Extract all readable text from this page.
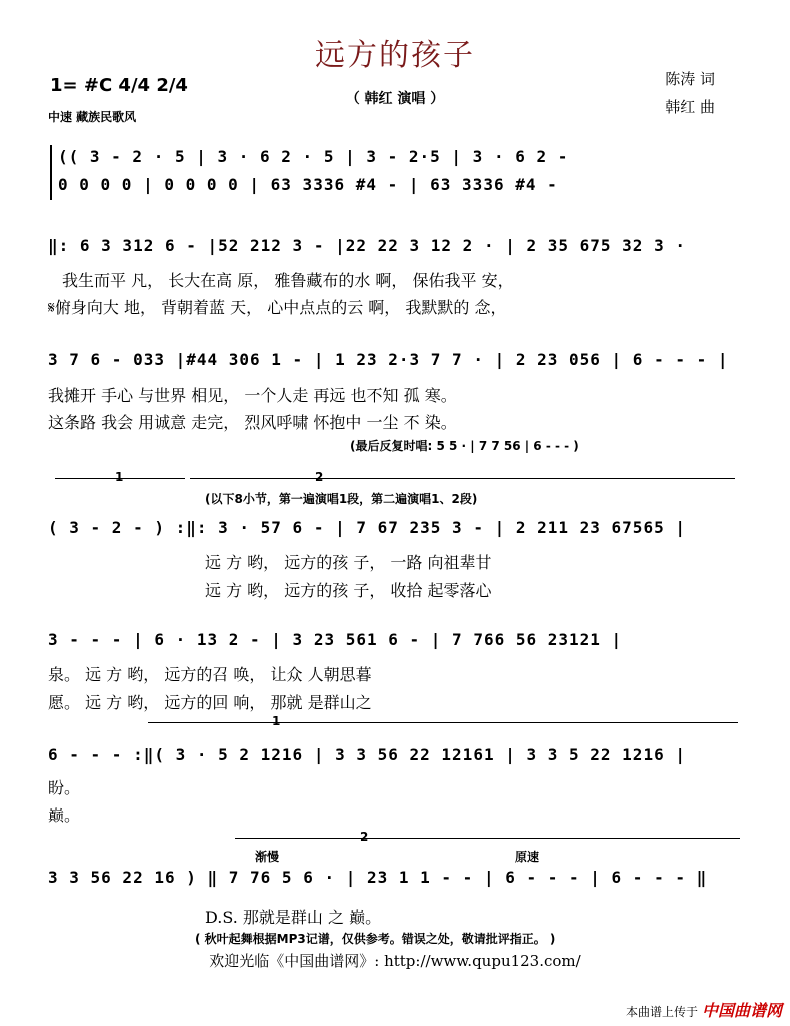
远方的孩子
（ 韩红 演唱 ）
1= #C 4/4 2/4
中速 藏族民歌风
陈涛 词
韩红 曲
(( 3 - 2 · 5 | 3 · 6 2 · 5 | 3 - 2·5 | 3 · 6 2 -
0 0 0 0 | 0 0 0 0 | 63 3336 #4 - | 63 3336 #4 -
‖: 6 3 312 6 - |52 212 3 - |22 22 3 12 2 · | 2 35 675 32 3 ·
我生而平 凡， 长大在高 原， 雅鲁藏布的水 啊， 保佑我平 安，
𝄋俯身向大 地， 背朝着蓝 天， 心中点点的云 啊， 我默默的 念，
3 7 6 - 033 |#44 306 1 - | 1 23 2·3 7 7 · | 2 23 056 | 6 - - - |
我摊开 手心 与世界 相见， 一个人走 再远 也不知 孤 寒。
这条路 我会 用诚意 走完， 烈风呼啸 怀抱中 一尘 不 染。
(最后反复时唱: 5 5 · | 7 7 56 | 6 - - - )
1	2
(以下8小节，第一遍演唱1段，第二遍演唱1、2段)
( 3 - 2 - ) :‖: 3 · 57 6 - | 7 67 235 3 - | 2 211 23 67565 |
远 方 哟， 远方的孩 子， 一路 向祖辈甘
远 方 哟， 远方的孩 子， 收拾 起零落心
3 - - - | 6 · 13 2 - | 3 23 561 6 - | 7 766 56 23121 |
泉。 远 方 哟， 远方的召 唤， 让众 人朝思暮
愿。 远 方 哟， 远方的回 响， 那就 是群山之
1
6 - - - :‖( 3 · 5 2 1216 | 3 3 56 22 12161 | 3 3 5 22 1216 |
盼。
巅。
2
渐慢	原速
3 3 56 22 16 ) ‖ 7 76 5 6 · | 23 1 1 - - | 6 - - - | 6 - - - ‖
D.S. 那就是群山 之 巅。
( 秋叶起舞根据MP3记谱，仅供参考。错误之处，敬请批评指正。 )
欢迎光临《中国曲谱网》: http://www.qupu123.com/
本曲谱上传于 中国曲谱网
